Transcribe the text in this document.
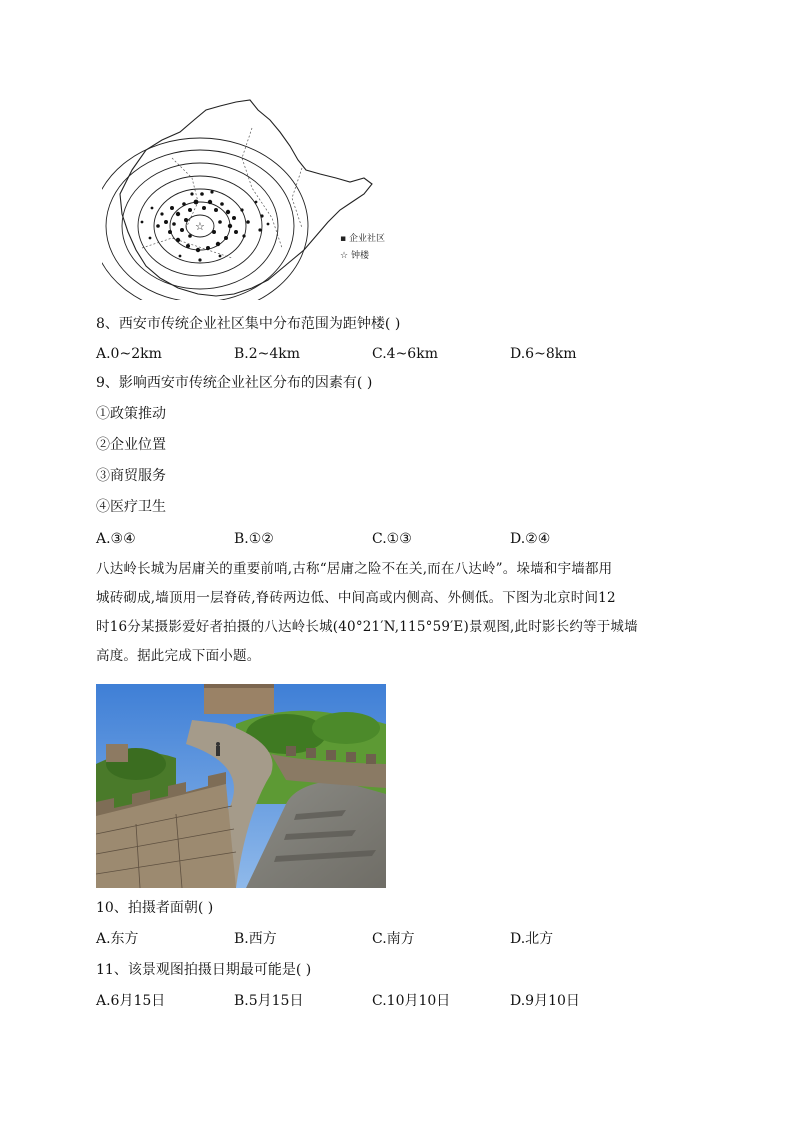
☆
▪ 企业社区
☆ 钟楼
8、西安市传统企业社区集中分布范围为距钟楼( )
A.0~2km	B.2~4km	C.4~6km	D.6~8km
9、影响西安市传统企业社区分布的因素有( )
①政策推动
②企业位置
③商贸服务
④医疗卫生
A.③④	B.①②	C.①③	D.②④

八达岭长城为居庸关的重要前哨,古称“居庸之险不在关,而在八达岭”。垛墙和宇墙都用

城砖砌成,墙顶用一层脊砖,脊砖两边低、中间高或内侧高、外侧低。下图为北京时间12

时16分某摄影爱好者拍摄的八达岭长城(40°21′N,115°59′E)景观图,此时影长约等于城墙

高度。据此完成下面小题。

10、拍摄者面朝( )
A.东方	B.西方	C.南方	D.北方
11、该景观图拍摄日期最可能是( )
A.6月15日	B.5月15日	C.10月10日	D.9月10日
